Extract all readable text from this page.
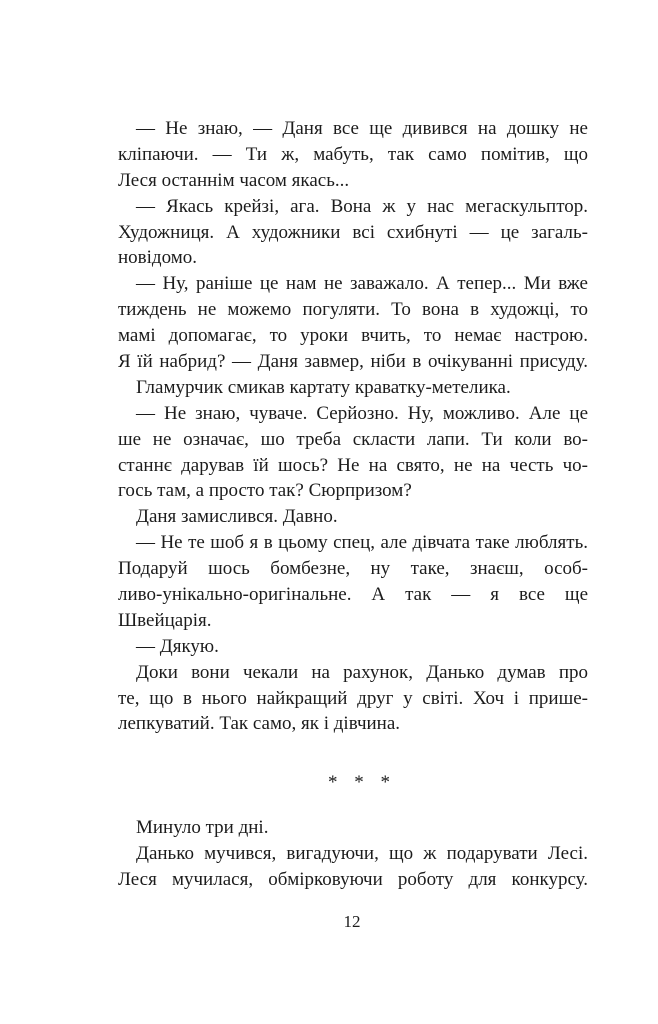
— Не знаю, — Даня все ще дивився на дошку не
кліпаючи. — Ти ж, мабуть, так само помітив, що
Леся останнім часом якась...
— Якась крейзі, ага. Вона ж у нас мегаскульптор.
Художниця. А художники всі схибнуті — це загаль-
новідомо.
— Ну, раніше це нам не заважало. А тепер... Ми вже
тиждень не можемо погуляти. То вона в художці, то
мамі допомагає, то уроки вчить, то немає настрою.
Я їй набрид? — Даня завмер, ніби в очікуванні присуду.
Гламурчик смикав картату краватку-метелика.
— Не знаю, чуваче. Серйозно. Ну, можливо. Але це
ше не означає, шо треба скласти лапи. Ти коли во-
станнє дарував їй шось? Не на свято, не на честь чо-
гось там, а просто так? Сюрпризом?
Даня замислився. Давно.
— Не те шоб я в цьому спец, але дівчата таке люблять.
Подаруй шось бомбезне, ну таке, знаєш, особ-
ливо-унікально-оригінальне. А так — я все ще
Швейцарія.
— Дякую.
Доки вони чекали на рахунок, Данько думав про
те, що в нього найкращий друг у світі. Хоч і пришe-
лепкуватий. Так само, як і дівчина.
* * *
Минуло три дні.
Данько мучився, вигадуючи, що ж подарувати Лесі.
Леся мучилася, обмірковуючи роботу для конкурсу.
12
